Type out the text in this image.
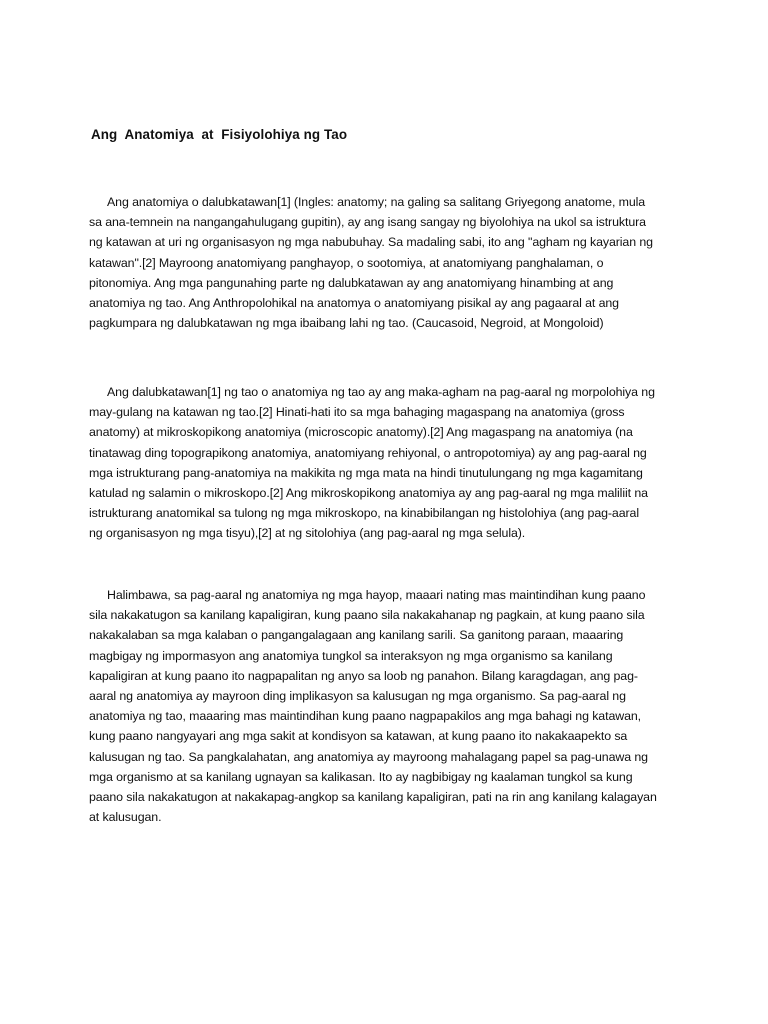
Ang  Anatomiya  at  Fisiyolohiya ng Tao
Ang anatomiya o dalubkatawan[1] (Ingles: anatomy; na galing sa salitang Griyegong anatome, mula
sa ana-temnein na nangangahulugang gupitin), ay ang isang sangay ng biyolohiya na ukol sa istruktura
ng katawan at uri ng organisasyon ng mga nabubuhay. Sa madaling sabi, ito ang "agham ng kayarian ng
katawan".[2] Mayroong anatomiyang panghayop, o sootomiya, at anatomiyang panghalaman, o
pitonomiya. Ang mga pangunahing parte ng dalubkatawan ay ang anatomiyang hinambing at ang
anatomiya ng tao. Ang Anthropolohikal na anatomya o anatomiyang pisikal ay ang pagaaral at ang
pagkumpara ng dalubkatawan ng mga ibaibang lahi ng tao. (Caucasoid, Negroid, at Mongoloid)
Ang dalubkatawan[1] ng tao o anatomiya ng tao ay ang maka-agham na pag-aaral ng morpolohiya ng
may-gulang na katawan ng tao.[2] Hinati-hati ito sa mga bahaging magaspang na anatomiya (gross
anatomy) at mikroskopikong anatomiya (microscopic anatomy).[2] Ang magaspang na anatomiya (na
tinatawag ding topograpikong anatomiya, anatomiyang rehiyonal, o antropotomiya) ay ang pag-aaral ng
mga istrukturang pang-anatomiya na makikita ng mga mata na hindi tinutulungang ng mga kagamitang
katulad ng salamin o mikroskopo.[2] Ang mikroskopikong anatomiya ay ang pag-aaral ng mga maliliit na
istrukturang anatomikal sa tulong ng mga mikroskopo, na kinabibilangan ng histolohiya (ang pag-aaral
ng organisasyon ng mga tisyu),[2] at ng sitolohiya (ang pag-aaral ng mga selula).
Halimbawa, sa pag-aaral ng anatomiya ng mga hayop, maaari nating mas maintindihan kung paano
sila nakakatugon sa kanilang kapaligiran, kung paano sila nakakahanap ng pagkain, at kung paano sila
nakakalaban sa mga kalaban o pangangalagaan ang kanilang sarili. Sa ganitong paraan, maaaring
magbigay ng impormasyon ang anatomiya tungkol sa interaksyon ng mga organismo sa kanilang
kapaligiran at kung paano ito nagpapalitan ng anyo sa loob ng panahon. Bilang karagdagan, ang pag-
aaral ng anatomiya ay mayroon ding implikasyon sa kalusugan ng mga organismo. Sa pag-aaral ng
anatomiya ng tao, maaaring mas maintindihan kung paano nagpapakilos ang mga bahagi ng katawan,
kung paano nangyayari ang mga sakit at kondisyon sa katawan, at kung paano ito nakakaapekto sa
kalusugan ng tao. Sa pangkalahatan, ang anatomiya ay mayroong mahalagang papel sa pag-unawa ng
mga organismo at sa kanilang ugnayan sa kalikasan. Ito ay nagbibigay ng kaalaman tungkol sa kung
paano sila nakakatugon at nakakapag-angkop sa kanilang kapaligiran, pati na rin ang kanilang kalagayan
at kalusugan.
